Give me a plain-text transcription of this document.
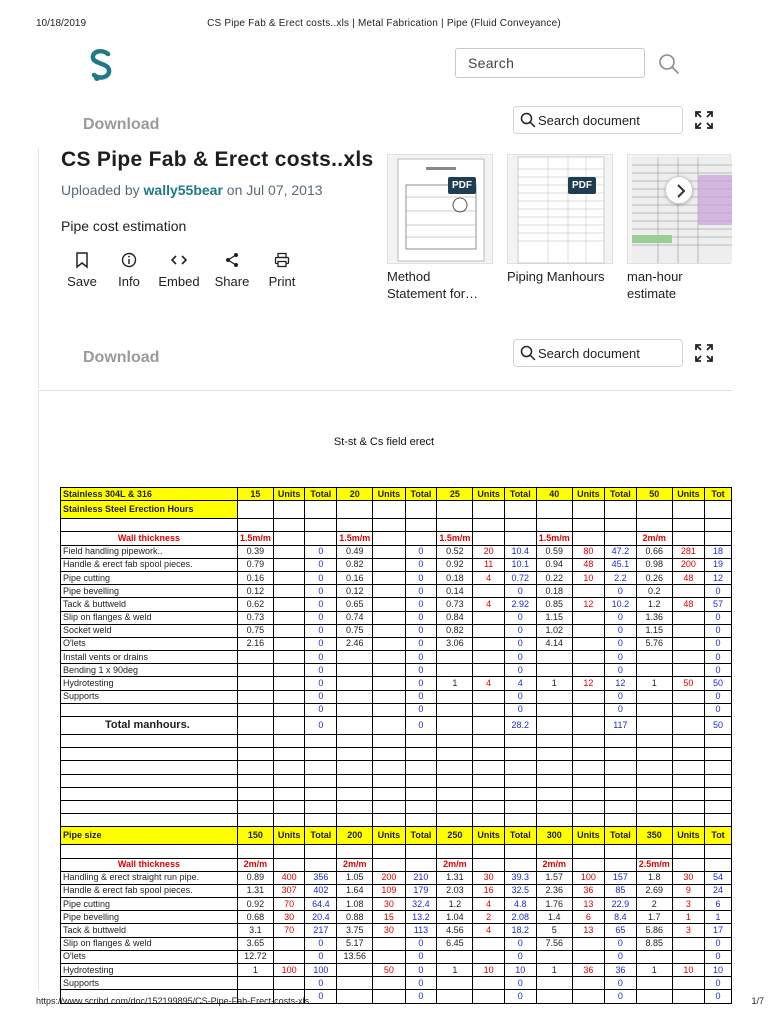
10/18/2019	CS Pipe Fab & Erect costs..xls | Metal Fabrication | Pipe (Fluid Conveyance)
Search
Download	Search document
CS Pipe Fab & Erect costs..xls
Uploaded by wally55bear on Jul 07, 2013
Pipe cost estimation
Save	Info	Embed	Share	Print
PDF
Method
Statement for…
PDF
Piping Manhours man-hour
estimate
Download	Search document
St-st & Cs field erect
Stainless 304L & 316	15	Units	Total	20	Units	Total	25	Units	Total	40	Units	Total	50	Units	Tot
Stainless Steel Erection Hours															

Wall thickness	1.5m/m			1.5m/m			1.5m/m			1.5m/m			2m/m		
Field handling pipework..	0.39		0	0.49		0	0.52	20	10.4	0.59	80	47.2	0.66	281	18
Handle & erect fab spool pieces.	0.79		0	0.82		0	0.92	11	10.1	0.94	48	45.1	0.98	200	19
Pipe cutting	0.16		0	0.16		0	0.18	4	0.72	0.22	10	2.2	0.26	48	12
Pipe bevelling	0.12		0	0.12		0	0.14		0	0.18		0	0.2		0
Tack & buttweld	0.62		0	0.65		0	0.73	4	2.92	0.85	12	10.2	1.2	48	57
Slip on flanges & weld	0.73		0	0.74		0	0.84		0	1.15		0	1.36		0
Socket weld	0.75		0	0.75		0	0.82		0	1.02		0	1.15		0
O'lets	2.16		0	2.46		0	3.06		0	4.14		0	5.76		0
Install vents or drains			0			0			0			0			0
Bending 1 x 90deg			0			0			0			0			0
Hydrotesting			0			0	1	4	4	1	12	12	1	50	50
Supports			0			0			0			0			0
			0			0			0			0			0
Total manhours.			0			0			28.2			117			50

Pipe size	150	Units	Total	200	Units	Total	250	Units	Total	300	Units	Total	350	Units	Tot

Wall thickness	2m/m			2m/m			2m/m			2m/m			2.5m/m		
Handling & erect straight run pipe.	0.89	400	356	1.05	200	210	1.31	30	39.3	1.57	100	157	1.8	30	54
Handle & erect fab spool pieces.	1.31	307	402	1.64	109	179	2.03	16	32.5	2.36	36	85	2.69	9	24
Pipe cutting	0.92	70	64.4	1.08	30	32.4	1.2	4	4.8	1.76	13	22.9	2	3	6
Pipe bevelling	0.68	30	20.4	0.88	15	13.2	1.04	2	2.08	1.4	6	8.4	1.7	1	1
Tack & buttweld	3.1	70	217	3.75	30	113	4.56	4	18.2	5	13	65	5.86	3	17
Slip on flanges & weld	3.65		0	5.17		0	6.45		0	7.56		0	8.85		0
O'lets	12.72		0	13.56		0			0			0			0
Hydrotesting	1	100	100		50	0	1	10	10	1	36	36	1	10	10
Supports			0			0			0			0			0
			0			0			0			0			0
https://www.scribd.com/doc/152199895/CS-Pipe-Fab-Erect-costs-xls	1/7
